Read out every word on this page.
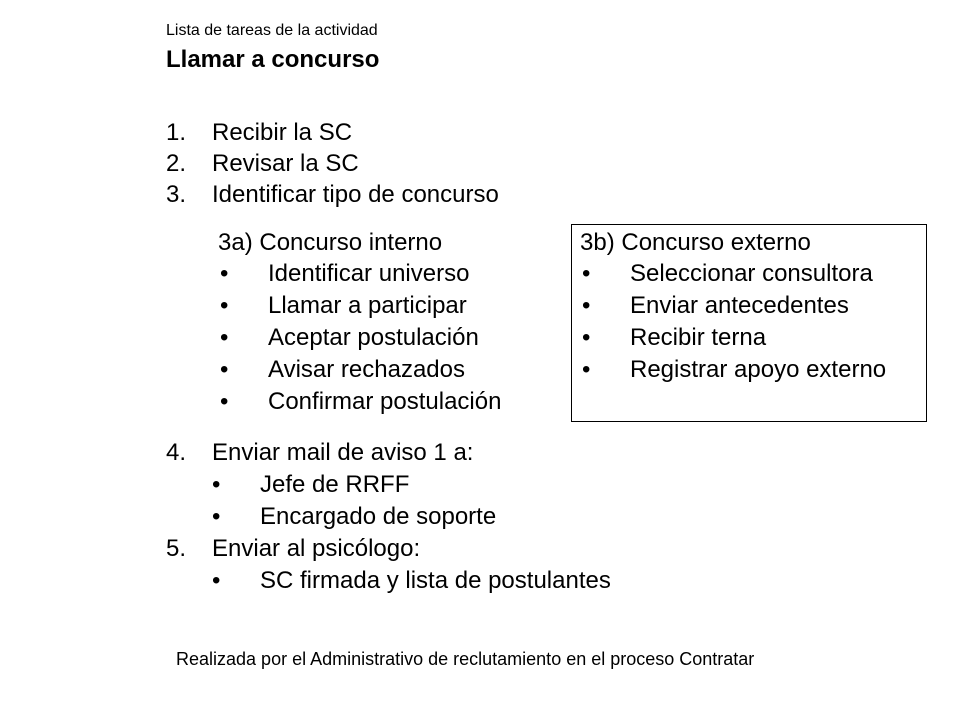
Lista de tareas de la actividad
Llamar a concurso
1. Recibir la SC
2. Revisar la SC
3. Identificar tipo de concurso
3a) Concurso interno
• Identificar universo
• Llamar a participar
• Aceptar postulación
• Avisar rechazados
• Confirmar postulación
3b) Concurso externo
• Seleccionar consultora
• Enviar antecedentes
• Recibir terna
• Registrar apoyo externo
4. Enviar mail de aviso 1 a:
• Jefe de RRFF
• Encargado de soporte
5. Enviar al psicólogo:
• SC firmada y lista de postulantes
Realizada por el Administrativo de reclutamiento en el proceso Contratar
